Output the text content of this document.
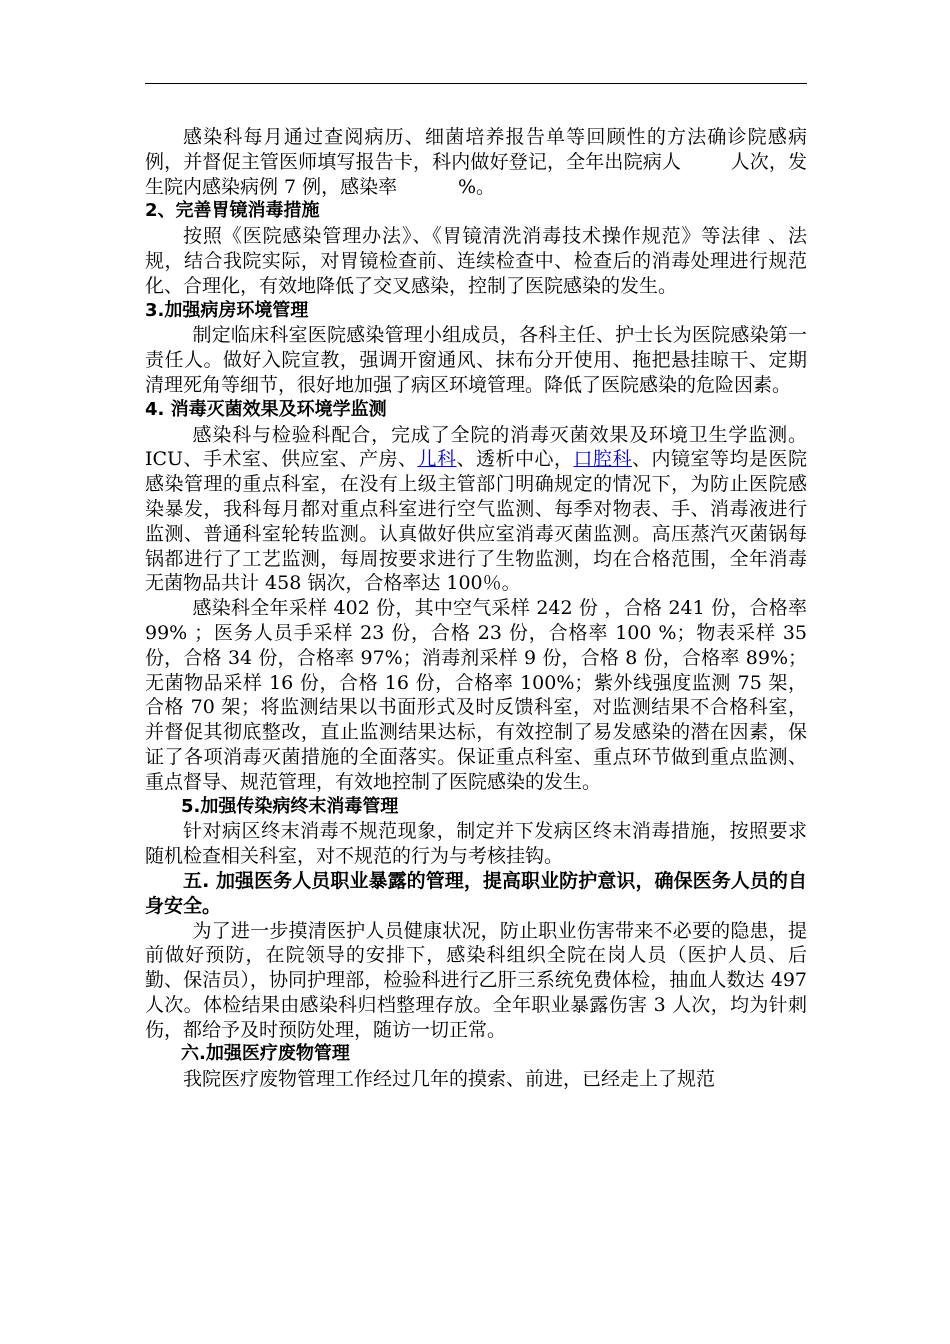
感染科每月通过查阅病历、细菌培养报告单等回顾性的方法确诊院感病例，并督促主管医师填写报告卡，科内做好登记，全年出院病人	人次，发生院内感染病例 7 例，感染率	%。

2、完善胃镜消毒措施

按照《医院感染管理办法》、《胃镜清洗消毒技术操作规范》等法律 、法规，结合我院实际，对胃镜检查前、连续检查中、检查后的消毒处理进行规范化、合理化，有效地降低了交叉感染，控制了医院感染的发生。

3.加强病房环境管理

制定临床科室医院感染管理小组成员，各科主任、护士长为医院感染第一责任人。做好入院宣教，强调开窗通风、抹布分开使用、拖把悬挂晾干、定期清理死角等细节，很好地加强了病区环境管理。降低了医院感染的危险因素。

4. 消毒灭菌效果及环境学监测

感染科与检验科配合，完成了全院的消毒灭菌效果及环境卫生学监测。ICU、手术室、供应室、产房、儿科、透析中心，口腔科、内镜室等均是医院感染管理的重点科室，在没有上级主管部门明确规定的情况下，为防止医院感染暴发，我科每月都对重点科室进行空气监测、每季对物表、手、消毒液进行监测、普通科室轮转监测。认真做好供应室消毒灭菌监测。高压蒸汽灭菌锅每锅都进行了工艺监测，每周按要求进行了生物监测，均在合格范围，全年消毒无菌物品共计 458 锅次，合格率达 100％。

感染科全年采样 402 份，其中空气采样 242 份 ，合格 241 份，合格率 99% ；医务人员手采样 23 份，合格 23 份，合格率 100 %；物表采样 35 份，合格 34 份，合格率 97%；消毒剂采样 9 份，合格 8 份，合格率 89%；无菌物品采样 16 份，合格 16 份，合格率 100%；紫外线强度监测 75 架，合格 70 架；将监测结果以书面形式及时反馈科室，对监测结果不合格科室，并督促其彻底整改，直止监测结果达标，有效控制了易发感染的潜在因素，保证了各项消毒灭菌措施的全面落实。保证重点科室、重点环节做到重点监测、重点督导、规范管理，有效地控制了医院感染的发生。

5.加强传染病终末消毒管理

针对病区终末消毒不规范现象，制定并下发病区终末消毒措施，按照要求随机检查相关科室，对不规范的行为与考核挂钩。

五. 加强医务人员职业暴露的管理，提高职业防护意识，确保医务人员的自身安全。

为了进一步摸清医护人员健康状况，防止职业伤害带来不必要的隐患，提前做好预防，在院领导的安排下，感染科组织全院在岗人员（医护人员、后勤、保洁员），协同护理部，检验科进行乙肝三系统免费体检，抽血人数达 497 人次。体检结果由感染科归档整理存放。全年职业暴露伤害 3 人次，均为针刺伤，都给予及时预防处理，随访一切正常。

六.加强医疗废物管理

我院医疗废物管理工作经过几年的摸索、前进，已经走上了规范
